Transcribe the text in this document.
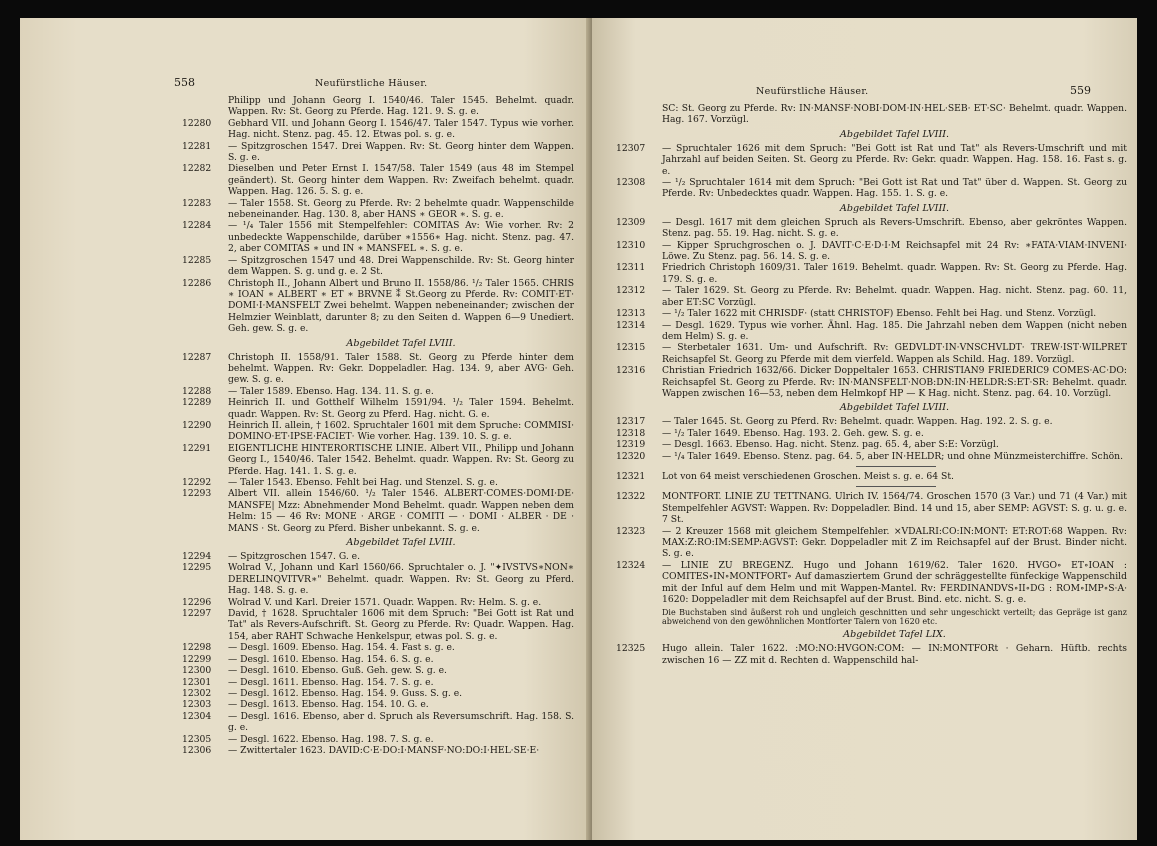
558	Neufürstliche Häuser.
Philipp und Johann Georg I. 1540/46. Taler 1545. Behelmt. quadr. Wappen. Rv: St. Georg zu Pferde. Hag. 121. 9. S. g. e.
12280	Gebhard VII. und Johann Georg I. 1546/47. Taler 1547. Typus wie vorher. Hag. nicht. Stenz. pag. 45. 12. Etwas pol. s. g. e.
12281	— Spitzgroschen 1547. Drei Wappen. Rv: St. Georg hinter dem Wappen. S. g. e.
12282	Dieselben und Peter Ernst I. 1547/58. Taler 1549 (aus 48 im Stempel geändert). St. Georg hinter dem Wappen. Rv: Zweifach behelmt. quadr. Wappen. Hag. 126. 5. S. g. e.
12283	— Taler 1558. St. Georg zu Pferde. Rv: 2 behelmte quadr. Wappenschilde nebeneinander. Hag. 130. 8, aber HANS ∗ GEOR ∗. S. g. e.
12284	— ¹/₄ Taler 1556 mit Stempelfehler: COMITAS Av: Wie vorher. Rv: 2 unbedeckte Wappenschilde, darüber ∗1556∗ Hag. nicht. Stenz. pag. 47. 2, aber COMITAS ∗ und IN ∗ MANSFEL ∗. S. g. e.
12285	— Spitzgroschen 1547 und 48. Drei Wappenschilde. Rv: St. Georg hinter dem Wappen. S. g. und g. e. 2 St.
12286	Christoph II., Johann Albert und Bruno II. 1558/86. ¹/₂ Taler 1565. CHRIS ∗ IOAN ∗ ALBERT ∗ ET ∗ BRVNE ⁑ St.Georg zu Pferde. Rv: COMIT·ET· DOMI·I·MANSFELT Zwei behelmt. Wappen nebeneinander; zwischen der Helmzier Weinblatt, darunter 8; zu den Seiten d. Wappen 6—9 Unediert. Geh. gew. S. g. e.
Abgebildet Tafel LVIII.
12287	Christoph II. 1558/91. Taler 1588. St. Georg zu Pferde hinter dem behelmt. Wappen. Rv: Gekr. Doppeladler. Hag. 134. 9, aber AVG· Geh. gew. S. g. e.
12288	— Taler 1589. Ebenso. Hag. 134. 11. S. g. e.
12289	Heinrich II. und Gotthelf Wilhelm 1591/94. ¹/₂ Taler 1594. Behelmt. quadr. Wappen. Rv: St. Georg zu Pferd. Hag. nicht. G. e.
12290	Heinrich II. allein, † 1602. Spruchtaler 1601 mit dem Spruche: COMMISI· DOMINO·ET·IPSE·FACIET· Wie vorher. Hag. 139. 10. S. g. e.
12291	EIGENTLICHE HINTERORTISCHE LINIE. Albert VII., Philipp und Johann Georg I., 1540/46. Taler 1542. Behelmt. quadr. Wappen. Rv: St. Georg zu Pferde. Hag. 141. 1. S. g. e.
12292	— Taler 1543. Ebenso. Fehlt bei Hag. und Stenzel. S. g. e.
12293	Albert VII. allein 1546/60. ¹/₂ Taler 1546. ALBERT·COMES·DOMI·DE· MANSFE| Mzz: Abnehmender Mond Behelmt. quadr. Wappen neben dem Helm: 15 — 46 Rv: MONE · ARGE · COMITI — · DOMI · ALBER · DE · MANS · St. Georg zu Pferd. Bisher unbekannt. S. g. e.
Abgebildet Tafel LVIII.
12294	— Spitzgroschen 1547. G. e.
12295	Wolrad V., Johann und Karl 1560/66. Spruchtaler o. J. "✦IVSTVS∗NON∗ DERELINQVITVR∗" Behelmt. quadr. Wappen. Rv: St. Georg zu Pferd. Hag. 148. S. g. e.
12296	Wolrad V. und Karl. Dreier 1571. Quadr. Wappen. Rv: Helm. S. g. e.
12297	David, † 1628. Spruchtaler 1606 mit dem Spruch: "Bei Gott ist Rat und Tat" als Revers-Aufschrift. St. Georg zu Pferde. Rv: Quadr. Wappen. Hag. 154, aber RAHT Schwache Henkelspur, etwas pol. S. g. e.
12298	— Desgl. 1609. Ebenso. Hag. 154. 4. Fast s. g. e.
12299	— Desgl. 1610. Ebenso. Hag. 154. 6. S. g. e.
12300	— Desgl. 1610. Ebenso. Guß. Geh. gew. S. g. e.
12301	— Desgl. 1611. Ebenso. Hag. 154. 7. S. g. e.
12302	— Desgl. 1612. Ebenso. Hag. 154. 9. Guss. S. g. e.
12303	— Desgl. 1613. Ebenso. Hag. 154. 10. G. e.
12304	— Desgl. 1616. Ebenso, aber d. Spruch als Reversumschrift. Hag. 158. S. g. e.
12305	— Desgl. 1622. Ebenso. Hag. 198. 7. S. g. e.
12306	— Zwittertaler 1623. DAVID:C·E·DO:I·MANSF·NO:DO:I·HEL·SE·E·
Neufürstliche Häuser.	559
SC: St. Georg zu Pferde. Rv: IN·MANSF·NOBI·DOM·IN·HEL·SEB· ET·SC· Behelmt. quadr. Wappen. Hag. 167. Vorzügl.
Abgebildet Tafel LVIII.
12307	— Spruchtaler 1626 mit dem Spruch: "Bei Gott ist Rat und Tat" als Revers-Umschrift und mit Jahrzahl auf beiden Seiten. St. Georg zu Pferde. Rv: Gekr. quadr. Wappen. Hag. 158. 16. Fast s. g. e.
12308	— ¹/₂ Spruchtaler 1614 mit dem Spruch: "Bei Gott ist Rat und Tat" über d. Wappen. St. Georg zu Pferde. Rv: Unbedecktes quadr. Wappen. Hag. 155. 1. S. g. e.
Abgebildet Tafel LVIII.
12309	— Desgl. 1617 mit dem gleichen Spruch als Revers-Umschrift. Ebenso, aber gekröntes Wappen. Stenz. pag. 55. 19. Hag. nicht. S. g. e.
12310	— Kipper Spruchgroschen o. J. DAVIT·C·E·D·I·M Reichsapfel mit 24 Rv: ∗FATA·VIAM·INVENI· Löwe. Zu Stenz. pag. 56. 14. S. g. e.
12311	Friedrich Christoph 1609/31. Taler 1619. Behelmt. quadr. Wappen. Rv: St. Georg zu Pferde. Hag. 179. S. g. e.
12312	— Taler 1629. St. Georg zu Pferde. Rv: Behelmt. quadr. Wappen. Hag. nicht. Stenz. pag. 60. 11, aber ET:SC Vorzügl.
12313	— ¹/₂ Taler 1622 mit CHRISDF· (statt CHRISTOF) Ebenso. Fehlt bei Hag. und Stenz. Vorzügl.
12314	— Desgl. 1629. Typus wie vorher. Ähnl. Hag. 185. Die Jahrzahl neben dem Wappen (nicht neben dem Helm) S. g. e.
12315	— Sterbetaler 1631. Um- und Aufschrift. Rv: GEDVLDT·IN·VNSCHVLDT· TREW·IST·WILPRET Reichsapfel St. Georg zu Pferde mit dem vierfeld. Wappen als Schild. Hag. 189. Vorzügl.
12316	Christian Friedrich 1632/66. Dicker Doppeltaler 1653. CHRISTIAN9 FRIEDERIC9 COMES·AC·DO: Reichsapfel St. Georg zu Pferde. Rv: IN·MANSFELT·NOB:DN:IN·HELDR:S:ET·SR: Behelmt. quadr. Wappen zwischen 16—53, neben dem Helmkopf HP — K Hag. nicht. Stenz. pag. 64. 10. Vorzügl.
Abgebildet Tafel LVIII.
12317	— Taler 1645. St. Georg zu Pferd. Rv: Behelmt. quadr. Wappen. Hag. 192. 2. S. g. e.
12318	— ¹/₂ Taler 1649. Ebenso. Hag. 193. 2. Geh. gew. S. g. e.
12319	— Desgl. 1663. Ebenso. Hag. nicht. Stenz. pag. 65. 4, aber S:E: Vorzügl.
12320	— ¹/₄ Taler 1649. Ebenso. Stenz. pag. 64. 5, aber IN·HELDR; und ohne Münzmeisterchiffre. Schön.
12321	Lot von 64 meist verschiedenen Groschen. Meist s. g. e. 64 St.
12322	MONTFORT. LINIE ZU TETTNANG. Ulrich IV. 1564/74. Groschen 1570 (3 Var.) und 71 (4 Var.) mit Stempelfehler AGVST: Wappen. Rv: Doppeladler. Bind. 14 und 15, aber SEMP: AGVST: S. g. u. g. e. 7 St.
12323	— 2 Kreuzer 1568 mit gleichem Stempelfehler. ×VDALRI:CO:IN:MONT: ET:ROT:68 Wappen. Rv: MAX:Z:RO:IM:SEMP:AGVST: Gekr. Doppeladler mit Z im Reichsapfel auf der Brust. Binder nicht. S. g. e.
12324	— LINIE ZU BREGENZ. Hugo und Johann 1619/62. Taler 1620. HVGO∘ ET∘IOAN : COMITES∘IN∘MONTFORT∘ Auf damasziertem Grund der schräggestellte fünfeckige Wappenschild mit der Inful auf dem Helm und mit Wappen-Mantel. Rv: FERDINANDVS∘II∘DG : ROM∘IMP∘S·A· 1620: Doppeladler mit dem Reichsapfel auf der Brust. Bind. etc. nicht. S. g. e.
Die Buchstaben sind äußerst roh und ungleich geschnitten und sehr ungeschickt verteilt; das Gepräge ist ganz abweichend von den gewöhnlichen Montforter Talern von 1620 etc.
Abgebildet Tafel LIX.
12325	Hugo allein. Taler 1622. :MO:NO:HVGON:COM: — IN:MONTFORt · Geharn. Hüftb. rechts zwischen 16 — ZZ mit d. Rechten d. Wappenschild hal-
